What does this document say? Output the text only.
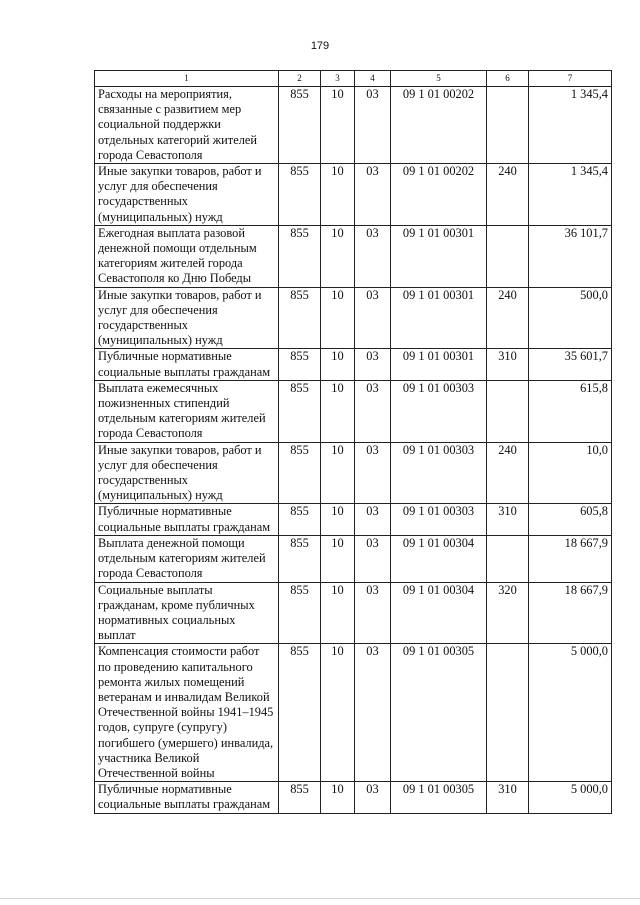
179
1	2	3	4	5	6	7
Расходы на мероприятия, связанные с развитием мер социальной поддержки отдельных категорий жителей города Севастополя	855	10	03	09 1 01 00202		1 345,4
Иные закупки товаров, работ и услуг для обеспечения государственных (муниципальных) нужд	855	10	03	09 1 01 00202	240	1 345,4
Ежегодная выплата разовой денежной помощи отдельным категориям жителей города Севастополя ко Дню Победы	855	10	03	09 1 01 00301		36 101,7
Иные закупки товаров, работ и услуг для обеспечения государственных (муниципальных) нужд	855	10	03	09 1 01 00301	240	500,0
Публичные нормативные социальные выплаты гражданам	855	10	03	09 1 01 00301	310	35 601,7
Выплата ежемесячных пожизненных стипендий отдельным категориям жителей города Севастополя	855	10	03	09 1 01 00303		615,8
Иные закупки товаров, работ и услуг для обеспечения государственных (муниципальных) нужд	855	10	03	09 1 01 00303	240	10,0
Публичные нормативные социальные выплаты гражданам	855	10	03	09 1 01 00303	310	605,8
Выплата денежной помощи отдельным категориям жителей города Севастополя	855	10	03	09 1 01 00304		18 667,9
Социальные выплаты гражданам, кроме публичных нормативных социальных выплат	855	10	03	09 1 01 00304	320	18 667,9
Компенсация стоимости работ по проведению капитального ремонта жилых помещений ветеранам и инвалидам Великой Отечественной войны 1941–1945 годов, супруге (супругу) погибшего (умершего) инвалида, участника Великой Отечественной войны	855	10	03	09 1 01 00305		5 000,0
Публичные нормативные социальные выплаты гражданам	855	10	03	09 1 01 00305	310	5 000,0
